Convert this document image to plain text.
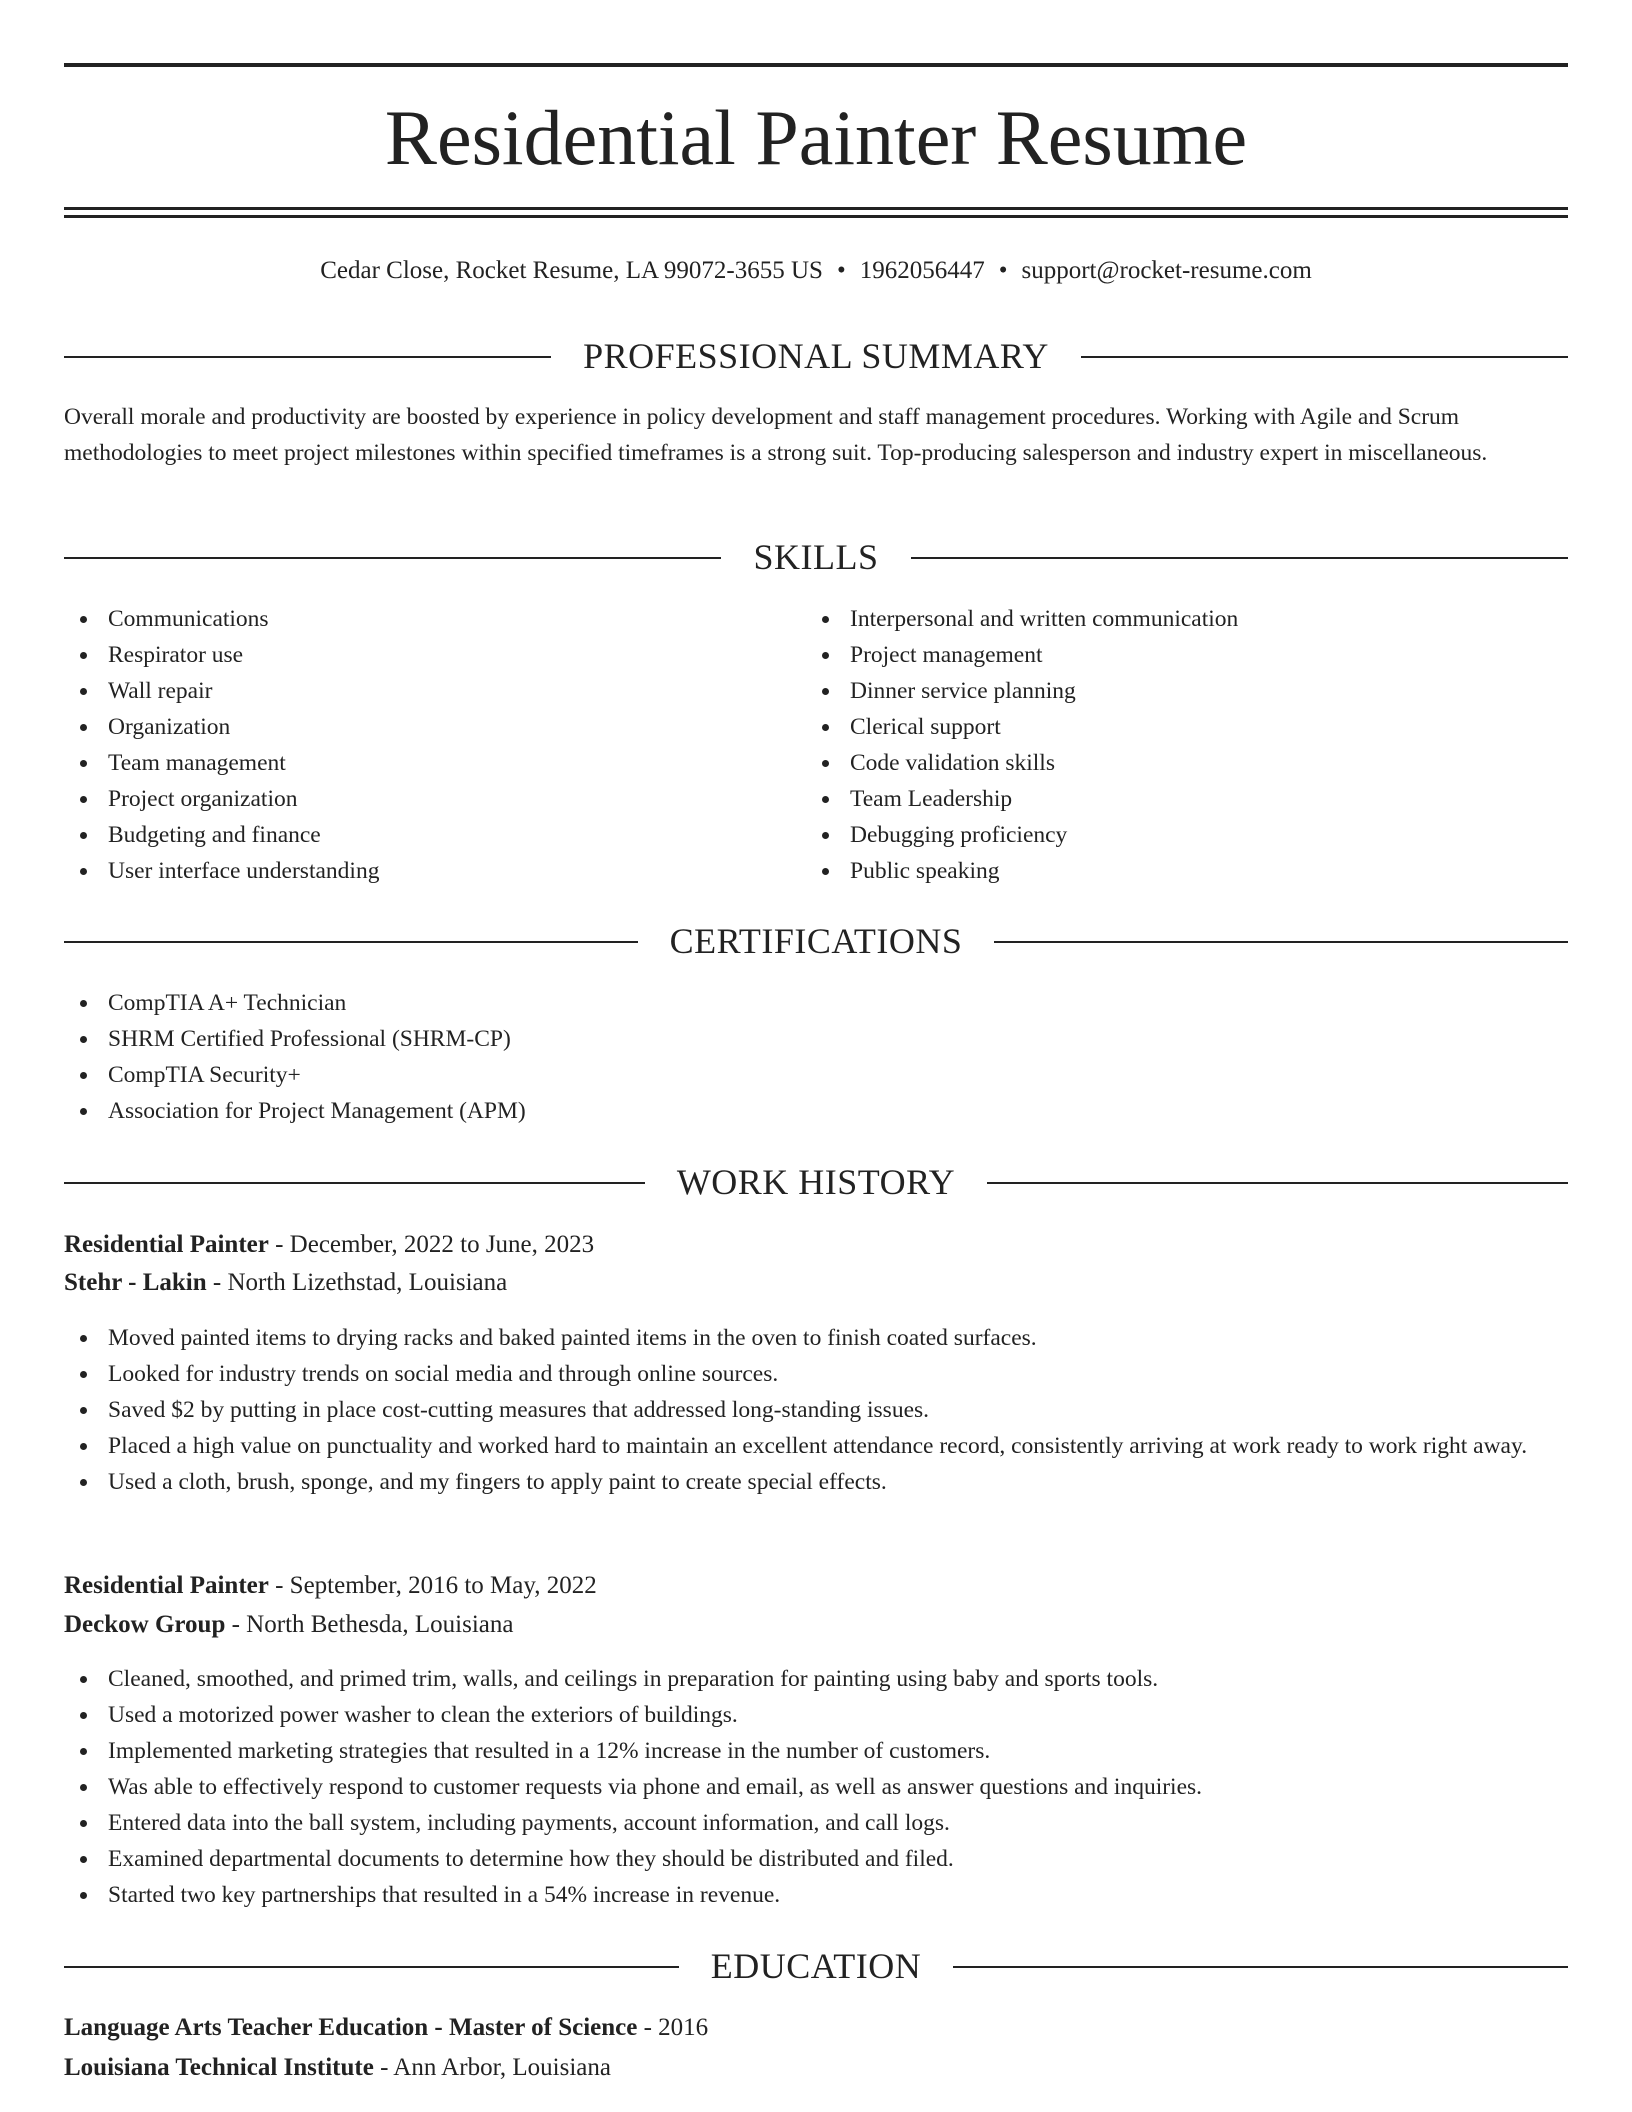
Residential Painter Resume
Cedar Close, Rocket Resume, LA 99072-3655 US • 1962056447 • support@rocket-resume.com
PROFESSIONAL SUMMARY

Overall morale and productivity are boosted by experience in policy development and staff management procedures. Working with Agile and Scrum methodologies to meet project milestones within specified timeframes is a strong suit. Top-producing salesperson and industry expert in miscellaneous.

SKILLS
Communications
Respirator use
Wall repair
Organization
Team management
Project organization
Budgeting and finance
User interface understanding
Interpersonal and written communication
Project management
Dinner service planning
Clerical support
Code validation skills
Team Leadership
Debugging proficiency
Public speaking
CERTIFICATIONS
CompTIA A+ Technician
SHRM Certified Professional (SHRM-CP)
CompTIA Security+
Association for Project Management (APM)
WORK HISTORY
Residential Painter - December, 2022 to June, 2023
Stehr - Lakin - North Lizethstad, Louisiana
Moved painted items to drying racks and baked painted items in the oven to finish coated surfaces.
Looked for industry trends on social media and through online sources.
Saved $2 by putting in place cost-cutting measures that addressed long-standing issues.
Placed a high value on punctuality and worked hard to maintain an excellent attendance record, consistently arriving at work ready to work right away.
Used a cloth, brush, sponge, and my fingers to apply paint to create special effects.
Residential Painter - September, 2016 to May, 2022
Deckow Group - North Bethesda, Louisiana
Cleaned, smoothed, and primed trim, walls, and ceilings in preparation for painting using baby and sports tools.
Used a motorized power washer to clean the exteriors of buildings.
Implemented marketing strategies that resulted in a 12% increase in the number of customers.
Was able to effectively respond to customer requests via phone and email, as well as answer questions and inquiries.
Entered data into the ball system, including payments, account information, and call logs.
Examined departmental documents to determine how they should be distributed and filed.
Started two key partnerships that resulted in a 54% increase in revenue.
EDUCATION
Language Arts Teacher Education - Master of Science - 2016
Louisiana Technical Institute - Ann Arbor, Louisiana
